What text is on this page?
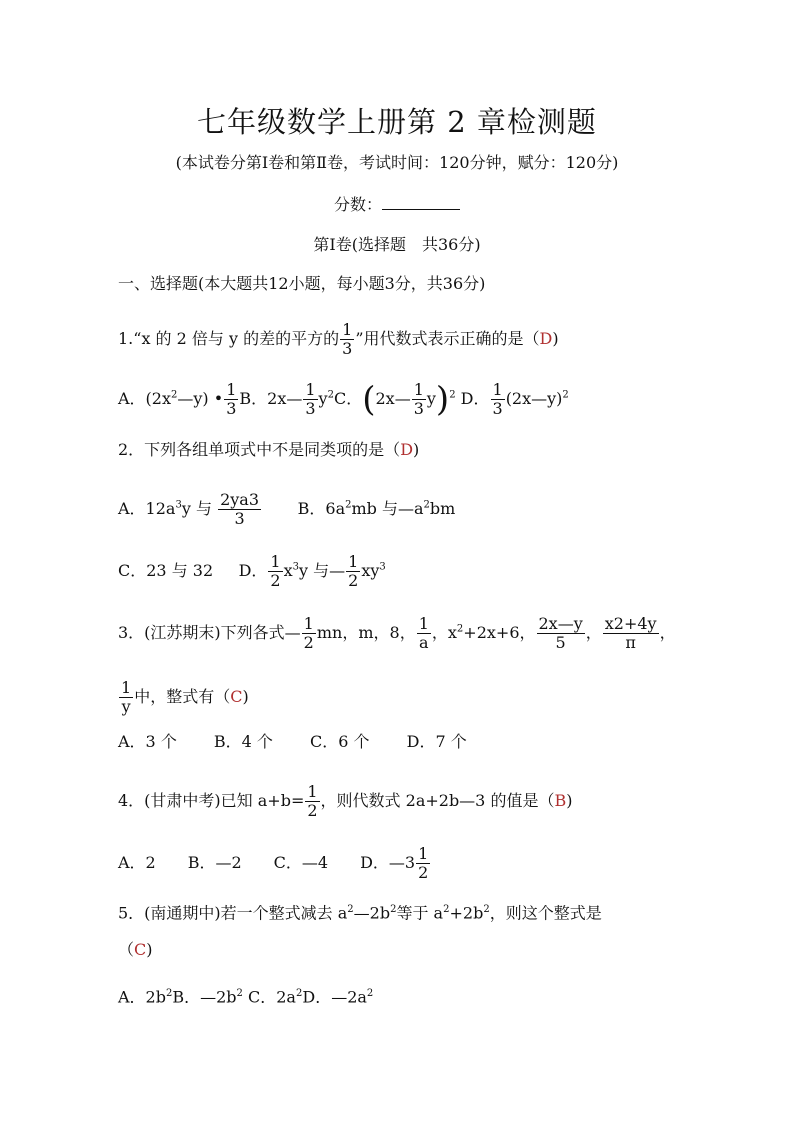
七年级数学上册第 2 章检测题
(本试卷分第Ⅰ卷和第Ⅱ卷，考试时间：120分钟，赋分：120分)
分数：
第Ⅰ卷(选择题　共36分)
一、选择题(本大题共12小题，每小题3分，共36分)
1.“x 的 2 倍与 y 的差的平方的 $\frac{1}{3}$ ”用代数式表示正确的是（D)
A．$(2x^2—y)$ • $\frac{1}{3}$ B．2x— $\frac{1}{3} y^2C$．(2x— $\frac{1}{3} y)^2$ D． $\frac{1}{3}$ (2x—y)$^2$
2．下列各组单项式中不是同类项的是（D)
A．$12a^3y$ 与 $\frac{2ya3}{3}$ B．$6a^2mb$ 与$—a^2bm$
C．23 与 32 D． $\frac{1}{2} x^3y$ 与— $\frac{1}{2} xy^3$
3．(江苏期末)下列各式— $\frac{1}{2}$ mn，m，8， $\frac{1}{a}$ ，$x^2+2x+6$， $\frac{2x—y}{5}$ ， $\frac{x2+4y}{\pi}$ ，
$\frac{1}{y}$ 中，整式有（C)
A．3 个　　 B．4 个　　 C．6 个　　 D．7 个
4．(甘肃中考)已知 $a+b= \frac{1}{2}$ ，则代数式 2a+2b—3 的值是（B)
A．2　　B．—2　　C．—4　　D．—3 $\frac{1}{2}$
5．(南通期中)若一个整式减去 $a^2—2b^2$等于 $a^2+2b^2$，则这个整式是
（C)
A．$2b^2B$．$—2b^2$ C．$2a^2D$．$—2a^2$
